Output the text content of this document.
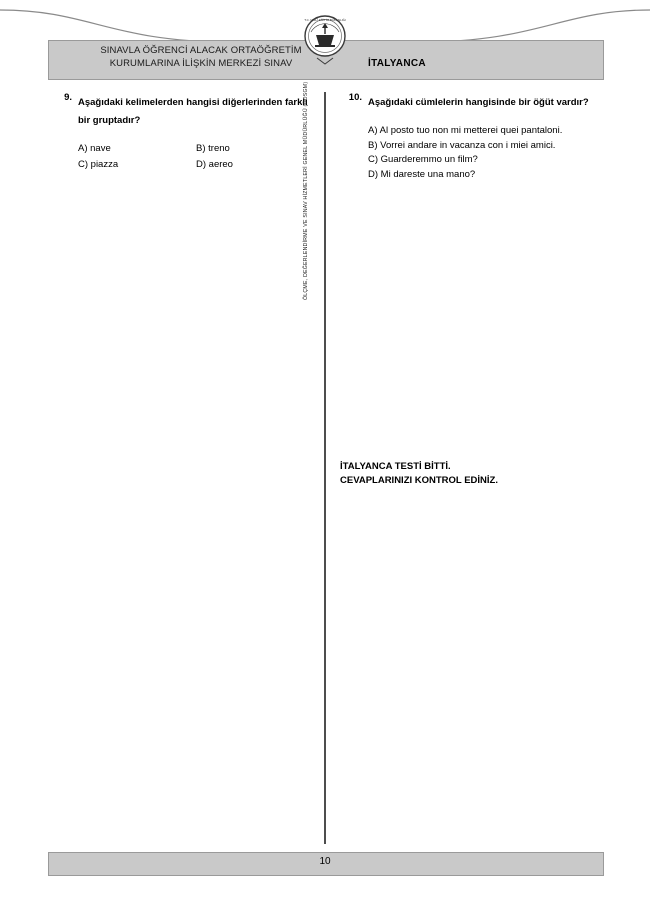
SINAVLA ÖĞRENCİ ALACAK ORTAÖĞRETİM
KURUMLARINA İLİŞKİN MERKEZİ SINAV	İTALYANCA
T.C. MİLLÎ EĞİTİM BAKANLIĞI
9. Aşağıdaki kelimelerden hangisi diğerlerinden farklı bir gruptadır?
A) nave	B) treno
C) piazza	D) aereo
10. Aşağıdaki cümlelerin hangisinde bir öğüt vardır?
A) Al posto tuo non mi metterei quei pantaloni.
B) Vorrei andare in vacanza con i miei amici.
C) Guarderemmo un film?
D) Mi dareste una mano?
ÖLÇME, DEĞERLENDİRME VE SINAV HİZMETLERİ GENEL MÜDÜRLÜĞÜ (ÖDSGM)
İTALYANCA TESTİ BİTTİ.
CEVAPLARINIZI KONTROL EDİNİZ.
10
